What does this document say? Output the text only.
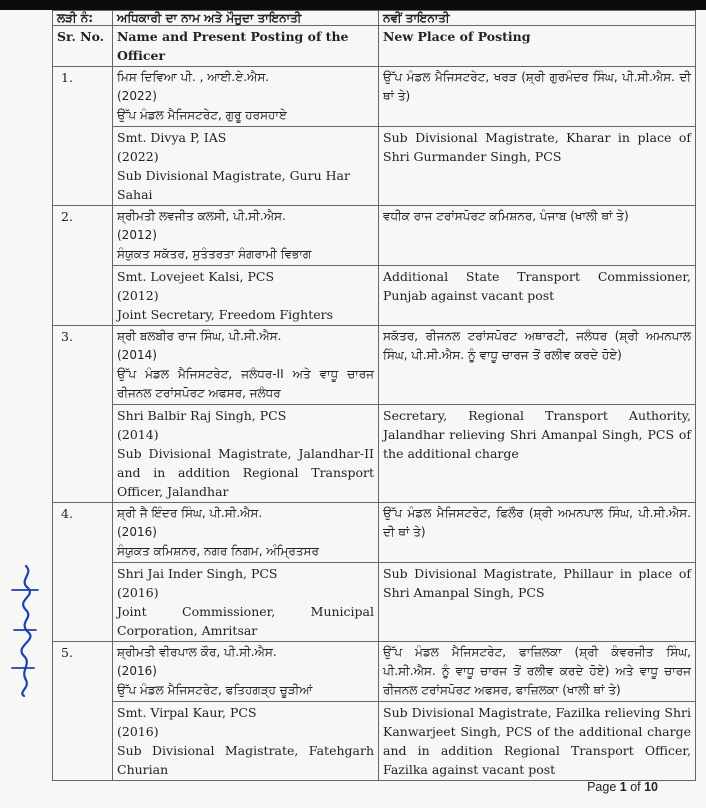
ਲੜੀ ਨੰ:	ਅਧਿਕਾਰੀ ਦਾ ਨਾਮ ਅਤੇ ਮੌਜੂਦਾ ਤਾਇਨਾਤੀ	ਨਵੀਂ ਤਾਇਨਾਤੀ
Sr. No.	Name and Present Posting of the Officer	New Place of Posting
1.	ਮਿਸ ਦਿਵਿਆ ਪੀ. , ਆਈ.ਏ.ਐਸ.
(2022)
ਉੱਪ ਮੰਡਲ ਮੈਜਿਸਟਰੇਟ, ਗੁਰੂ ਹਰਸਹਾਏ	ਉੱਪ ਮੰਡਲ ਮੈਜਿਸਟਰੇਟ, ਖਰੜ (ਸ਼੍ਰੀ ਗੁਰਮੰਦਰ ਸਿੰਘ, ਪੀ.ਸੀ.ਐਸ. ਦੀ ਥਾਂ ਤੇ)

	Smt. Divya P, IAS
(2022)
Sub Divisional Magistrate, Guru Har Sahai	Sub Divisional Magistrate, Kharar in place of Shri Gurmander Singh, PCS
2.	ਸ਼੍ਰੀਮਤੀ ਲਵਜੀਤ ਕਲਸੀ, ਪੀ.ਸੀ.ਐਸ.
(2012)
ਸੰਯੁਕਤ ਸਕੱਤਰ, ਸੁਤੰਤਰਤਾ ਸੰਗਰਾਮੀ ਵਿਭਾਗ	ਵਧੀਕ ਰਾਜ ਟਰਾਂਸਪੋਰਟ ਕਮਿਸ਼ਨਰ, ਪੰਜਾਬ (ਖਾਲੀ ਥਾਂ ਤੇ)

	Smt. Lovejeet Kalsi, PCS
(2012)
Joint Secretary, Freedom Fighters	Additional State Transport Commissioner, Punjab against vacant post
3.	ਸ਼੍ਰੀ ਬਲਬੀਰ ਰਾਜ ਸਿੰਘ, ਪੀ.ਸੀ.ਐਸ.
(2014)
ਉੱਪ ਮੰਡਲ ਮੈਜਿਸਟਰੇਟ, ਜਲੰਧਰ-II ਅਤੇ ਵਾਧੂ ਚਾਰਜ ਰੀਜਨਲ ਟਰਾਂਸਪੋਰਟ ਅਫਸਰ, ਜਲੰਧਰ	ਸਕੱਤਰ, ਰੀਜਨਲ ਟਰਾਂਸਪੋਰਟ ਅਥਾਰਟੀ, ਜਲੰਧਰ (ਸ਼੍ਰੀ ਅਮਨਪਾਲ ਸਿੰਘ, ਪੀ.ਸੀ.ਐਸ. ਨੂੰ ਵਾਧੂ ਚਾਰਜ ਤੋਂ ਰਲੀਵ ਕਰਦੇ ਹੋਏ)

	Shri Balbir Raj Singh, PCS
(2014)
Sub Divisional Magistrate, Jalandhar-II and in addition Regional Transport Officer, Jalandhar	Secretary, Regional Transport Authority, Jalandhar relieving Shri Amanpal Singh, PCS of the additional charge
4.	ਸ਼੍ਰੀ ਜੈ ਇੰਦਰ ਸਿੰਘ, ਪੀ.ਸੀ.ਐਸ.
(2016)
ਸੰਯੁਕਤ ਕਮਿਸ਼ਨਰ, ਨਗਰ ਨਿਗਮ, ਅੰਮ੍ਰਿਤਸਰ	ਉੱਪ ਮੰਡਲ ਮੈਜਿਸਟਰੇਟ, ਫਿਲੌਰ (ਸ਼੍ਰੀ ਅਮਨਪਾਲ ਸਿੰਘ, ਪੀ.ਸੀ.ਐਸ. ਦੀ ਥਾਂ ਤੇ)

	Shri Jai Inder Singh, PCS
(2016)
Joint Commissioner, Municipal Corporation, Amritsar	Sub Divisional Magistrate, Phillaur in place of Shri Amanpal Singh, PCS
5.	ਸ਼੍ਰੀਮਤੀ ਵੀਰਪਾਲ ਕੌਰ, ਪੀ.ਸੀ.ਐਸ.
(2016)
ਉੱਪ ਮੰਡਲ ਮੈਜਿਸਟਰੇਟ, ਫਤਿਹਗੜ੍ਹ ਚੂੜੀਆਂ	ਉੱਪ ਮੰਡਲ ਮੈਜਿਸਟਰੇਟ, ਫਾਜ਼ਿਲਕਾ (ਸ਼੍ਰੀ ਕੰਵਰਜੀਤ ਸਿੰਘ, ਪੀ.ਸੀ.ਐਸ. ਨੂੰ ਵਾਧੂ ਚਾਰਜ ਤੋਂ ਰਲੀਵ ਕਰਦੇ ਹੋਏ) ਅਤੇ ਵਾਧੂ ਚਾਰਜ ਰੀਜਨਲ ਟਰਾਂਸਪੋਰਟ ਅਫਸਰ, ਫਾਜ਼ਿਲਕਾ (ਖਾਲੀ ਥਾਂ ਤੇ)

	Smt. Virpal Kaur, PCS
(2016)
Sub Divisional Magistrate, Fatehgarh Churian	Sub Divisional Magistrate, Fazilka relieving Shri Kanwarjeet Singh, PCS of the additional charge and in addition Regional Transport Officer, Fazilka against vacant post
Page 1 of 10
